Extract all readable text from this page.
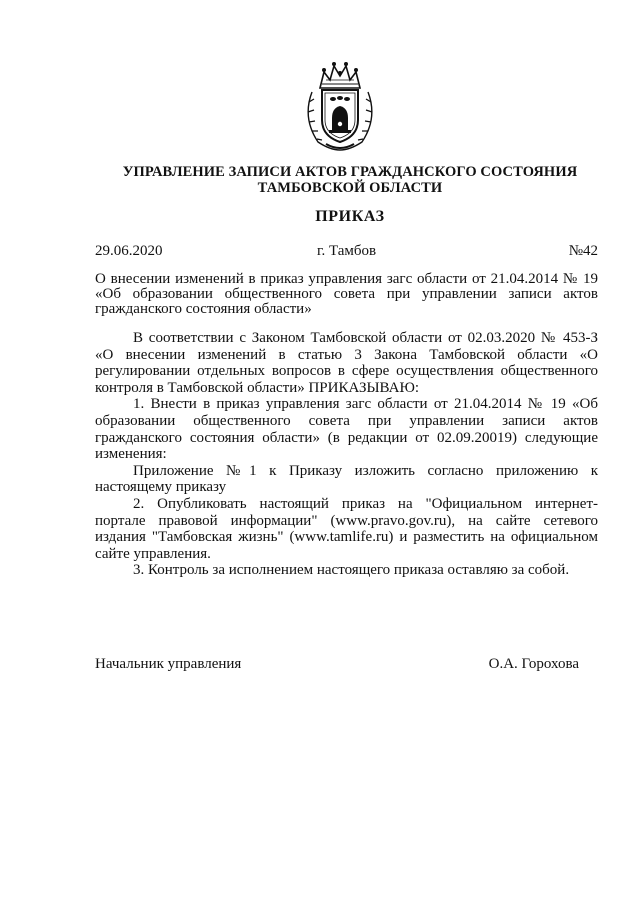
УПРАВЛЕНИЕ ЗАПИСИ АКТОВ ГРАЖДАНСКОГО СОСТОЯНИЯ
ТАМБОВСКОЙ ОБЛАСТИ
ПРИКАЗ
29.06.2020	г. Тамбов	№42

О внесении изменений в приказ управления загс области от 21.04.2014 № 19

«Об образовании общественного совета при управлении записи актов

гражданского состояния области»

В соответствии с Законом Тамбовской области от 02.03.2020 № 453-З
«О внесении изменений в статью 3 Закона Тамбовской области «О
регулировании отдельных вопросов в сфере осуществления общественного
контроля в Тамбовской области» ПРИКАЗЫВАЮ:

1. Внести в приказ управления загс области от 21.04.2014 № 19 «Об
образовании общественного совета при управлении записи актов
гражданского состояния области» (в редакции от 02.09.20019) следующие
изменения:

Приложение №1 к Приказу изложить согласно приложению к
настоящему приказу

2. Опубликовать настоящий приказ на "Официальном интернет-
портале правовой информации" (www.pravo.gov.ru), на сайте сетевого
издания "Тамбовская жизнь" (www.tamlife.ru) и разместить на официальном
сайте управления.

3. Контроль за исполнением настоящего приказа оставляю за собой.

Начальник управления	О.А. Горохова
